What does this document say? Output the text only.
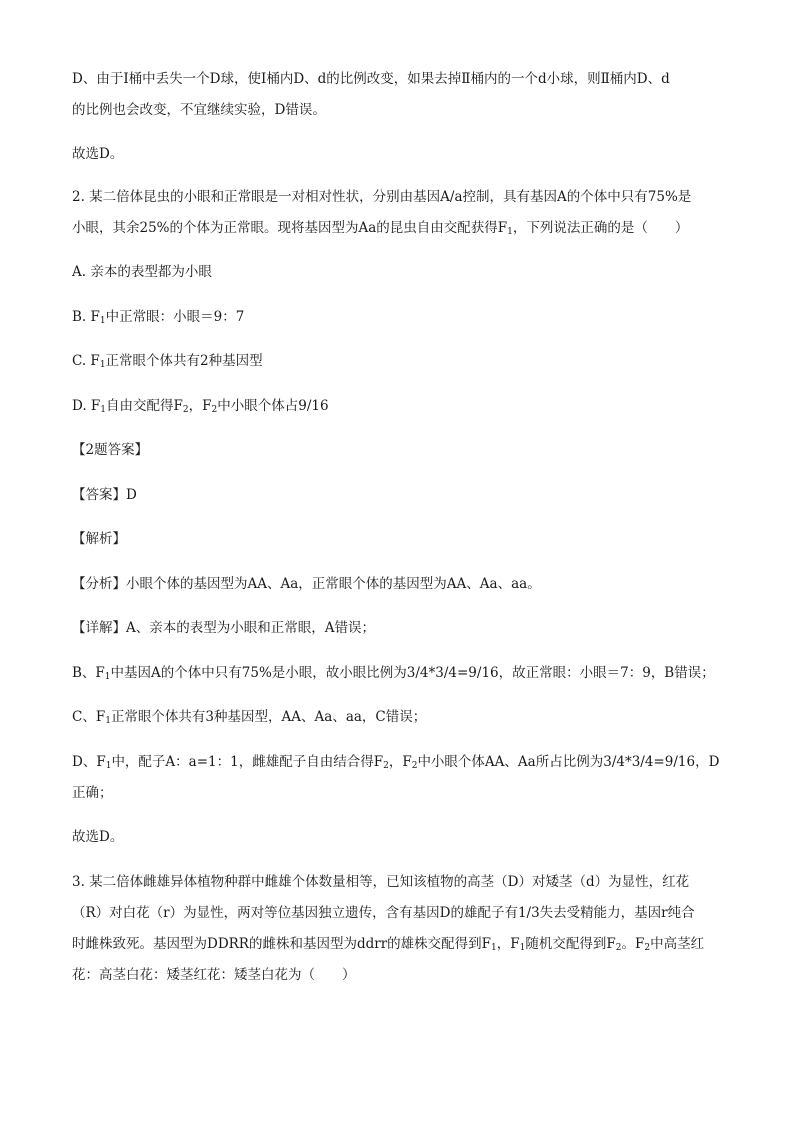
D、由于Ⅰ桶中丢失一个D球，使Ⅰ桶内D、d的比例改变，如果去掉Ⅱ桶内的一个d小球，则Ⅱ桶内D、d
的比例也会改变，不宜继续实验，D错误。
故选D。
2. 某二倍体昆虫的小眼和正常眼是一对相对性状，分别由基因A/a控制，具有基因A的个体中只有75%是
小眼，其余25%的个体为正常眼。现将基因型为Aa的昆虫自由交配获得$F_1$，下列说法正确的是（　　）
A. 亲本的表型都为小眼
B. $F_1$中正常眼：小眼＝9：7
C. $F_1$正常眼个体共有2种基因型
D. $F_1$自由交配得$F_2$，$F_2$中小眼个体占9/16
【2题答案】
【答案】D
【解析】
【分析】小眼个体的基因型为AA、Aa，正常眼个体的基因型为AA、Aa、aa。
【详解】A、亲本的表型为小眼和正常眼，A错误；
B、$F_1$中基因A的个体中只有75%是小眼，故小眼比例为3/4*3/4=9/16，故正常眼：小眼＝7：9，B错误；
C、$F_1$正常眼个体共有3种基因型，AA、Aa、aa，C错误；
D、$F_1$中，配子A：a=1：1，雌雄配子自由结合得$F_2$，$F_2$中小眼个体AA、Aa所占比例为3/4*3/4=9/16，D
正确；
故选D。
3. 某二倍体雌雄异体植物种群中雌雄个体数量相等，已知该植物的高茎（D）对矮茎（d）为显性，红花
（R）对白花（r）为显性，两对等位基因独立遗传，含有基因D的雄配子有1/3失去受精能力，基因r纯合
时雌株致死。基因型为DDRR的雌株和基因型为ddrr的雄株交配得到$F_1$，$F_1$随机交配得到$F_2$。$F_2$中高茎红
花：高茎白花：矮茎红花：矮茎白花为（　　）
